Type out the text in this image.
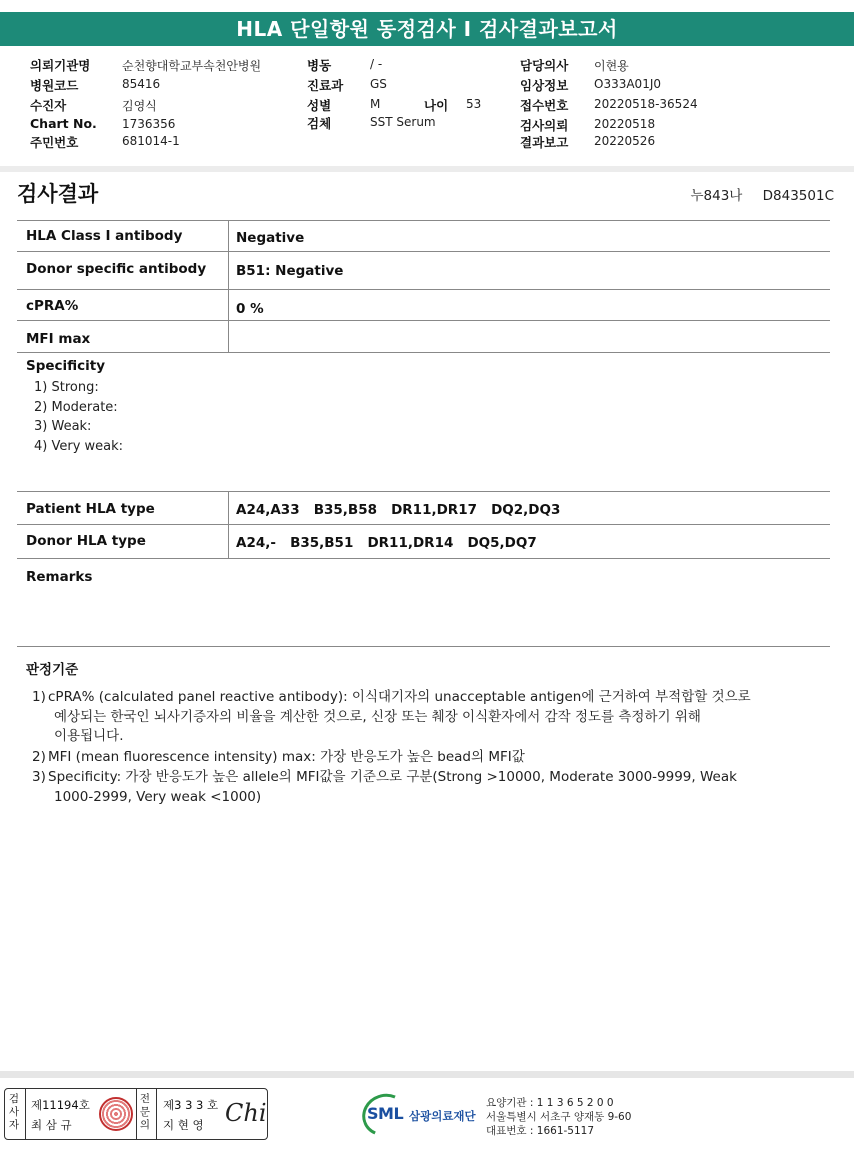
HLA 단일항원 동정검사 I 검사결과보고서
의뢰기관명	순천향대학교부속천안병원
병원코드	85416
수진자	김영식
Chart No. 1736356
주민번호	681014-1
병동	/ -
진료과 GS
성별	M	나이 53
검체	SST Serum
담당의사 이현용
임상정보 O333A01J0
접수번호 20220518-36524
검사의뢰 20220518
결과보고 20220526
검사결과	누843나 D843501C
HLA Class I antibody	Negative
Donor specific antibody B51: Negative
cPRA%	0 %
MFI max
Specificity
1) Strong:
2) Moderate:
3) Weak:
4) Very weak:
Patient HLA type	A24,A33   B35,B58   DR11,DR17   DQ2,DQ3
Donor HLA type	A24,-   B35,B51   DR11,DR14   DQ5,DQ7
Remarks
판정기준
1) cPRA% (calculated panel reactive antibody): 이식대기자의 unacceptable antigen에 근거하여 부적합할 것으로
예상되는 한국인 뇌사기증자의 비율을 계산한 것으로, 신장 또는 췌장 이식환자에서 감작 정도를 측정하기 위해
이용됩니다.
2) MFI (mean fluorescence intensity) max: 가장 반응도가 높은 bead의 MFI값
3) Specificity: 가장 반응도가 높은 allele의 MFI값을 기준으로 구분(Strong >10000, Moderate 3000-9999, Weak
1000-2999, Very weak <1000)
검사자
제11194호
최 삼 규
전문의
제3 3 3 호
지 현 영 Chi	SML 삼광의료재단
요양기관 : 1 1 3 6 5 2 0 0
서울특별시 서초구 양재동 9-60
대표번호 : 1661-5117
